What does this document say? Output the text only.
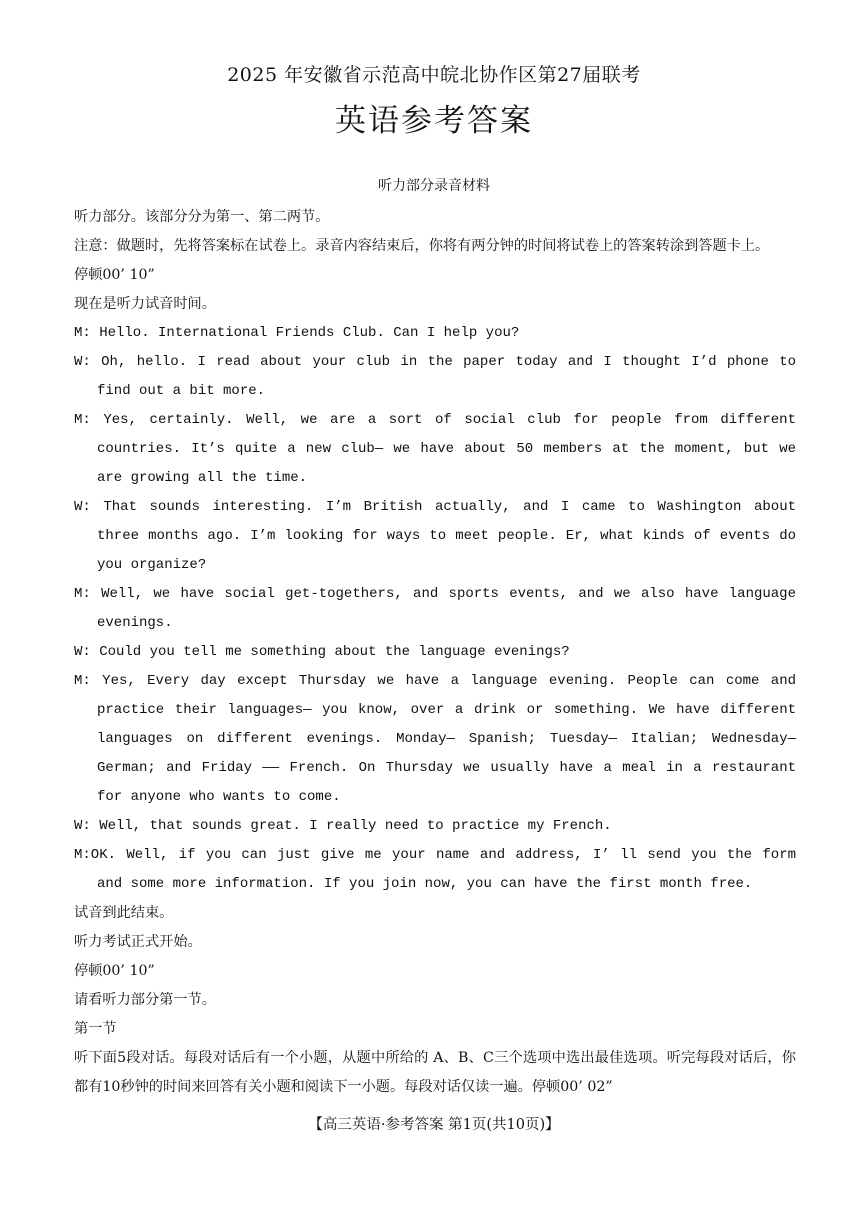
2025 年安徽省示范高中皖北协作区第27届联考
英语参考答案
听力部分录音材料

听力部分。该部分分为第一、第二两节。

注意：做题时，先将答案标在试卷上。录音内容结束后，你将有两分钟的时间将试卷上的答案转涂到答题卡上。

停顿00’ 10”

现在是听力试音时间。

M: Hello. International Friends Club. Can I help you?

W: Oh, hello. I read about your club in the paper today and I thought I’d phone to find out a bit more.

M: Yes, certainly. Well, we are a sort of social club for people from different countries. It’s quite a new club— we have about 50 members at the moment, but we are growing all the time.

W: That sounds interesting. I’m British actually, and I came to Washington about three months ago. I’m looking for ways to meet people. Er, what kinds of events do you organize?

M: Well, we have social get-togethers, and sports events, and we also have language evenings.

W: Could you tell me something about the language evenings?

M: Yes, Every day except Thursday we have a language evening. People can come and practice their languages— you know, over a drink or something. We have different languages on different evenings. Monday— Spanish; Tuesday— Italian; Wednesday—German; and Friday —— French. On Thursday we usually have a meal in a restaurant for anyone who wants to come.

W: Well, that sounds great. I really need to practice my French.

M:OK. Well, if you can just give me your name and address, I’ ll send you the form and some more information. If you join now, you can have the first month free.

试音到此结束。

听力考试正式开始。

停顿00’ 10”

请看听力部分第一节。

第一节

听下面5段对话。每段对话后有一个小题，从题中所给的 A、B、C三个选项中选出最佳选项。听完每段对话后，你都有10秒钟的时间来回答有关小题和阅读下一小题。每段对话仅读一遍。停顿00’ 02”

【高三英语·参考答案 第1页(共10页)】
